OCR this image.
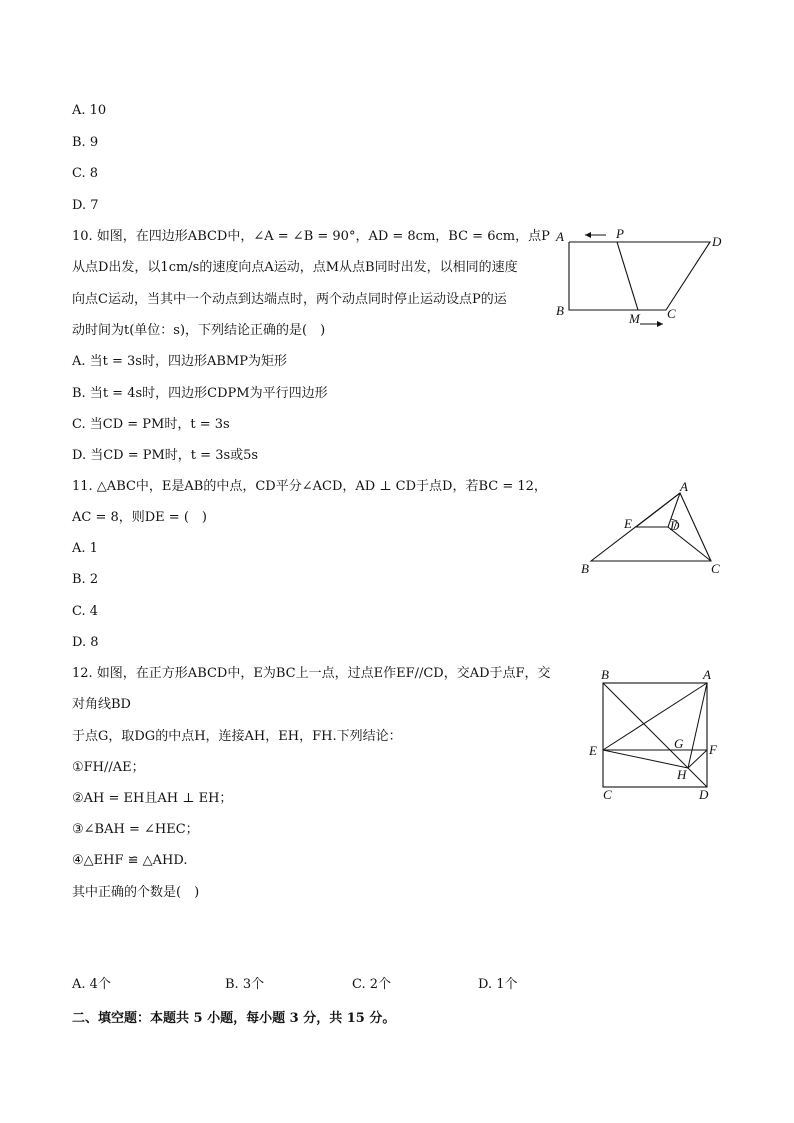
A. 10
B. 9
C. 8
D. 7
10. 如图，在四边形ABCD中，∠A = ∠B = 90°，AD = 8cm，BC = 6cm，点P
从点D出发，以1cm/s的速度向点A运动，点M从点B同时出发，以相同的速度
向点C运动，当其中一个动点到达端点时，两个动点同时停止运动设点P的运
动时间为t(单位：s)，下列结论正确的是(　)
A. 当t = 3s时，四边形ABMP为矩形
B. 当t = 4s时，四边形CDPM为平行四边形
C. 当CD = PM时，t = 3s
D. 当CD = PM时，t = 3s或5s
A	P
D
B
M C
11. △ABC中，E是AB的中点，CD平分∠ACD，AD ⊥ CD于点D，若BC = 12，
AC = 8，则DE = (　)
A. 1
B. 2
C. 4
D. 8
A
E	D
B	C
12. 如图，在正方形ABCD中，E为BC上一点，过点E作EF//CD，交AD于点F，交
对角线BD
于点G，取DG的中点H，连接AH，EH，FH.下列结论：
①FH//AE；
②AH = EH且AH ⊥ EH；
③∠BAH = ∠HEC；
④△EHF ≌ △AHD.
其中正确的个数是(　)
B	A
E	G F
H
C	D
A. 4个	B. 3个	C. 2个	D. 1个
二、填空题：本题共 5 小题，每小题 3 分，共 15 分。
